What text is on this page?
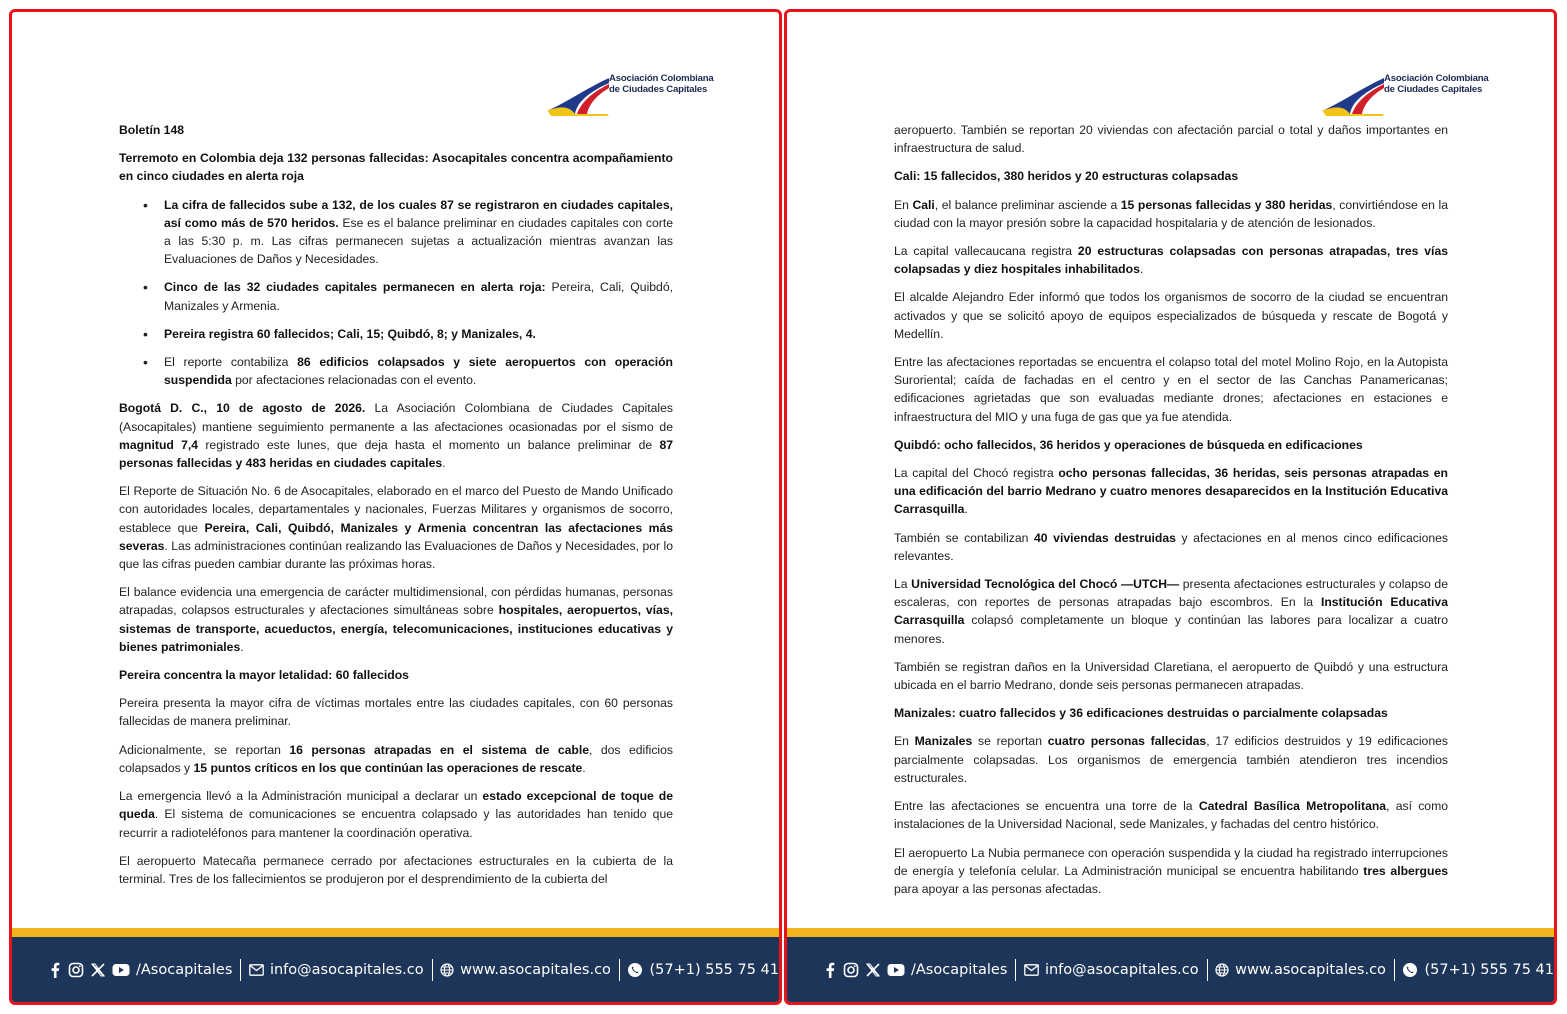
Asociación Colombiana
de Ciudades Capitales

Boletín 148

Terremoto en Colombia deja 132 personas fallecidas: Asocapitales concentra acompañamiento en cinco ciudades en alerta roja

• La cifra de fallecidos sube a 132, de los cuales 87 se registraron en ciudades capitales, así como más de 570 heridos. Ese es el balance preliminar en ciudades capitales con corte a las 5:30 p. m. Las cifras permanecen sujetas a actualización mientras avanzan las Evaluaciones de Daños y Necesidades.
• Cinco de las 32 ciudades capitales permanecen en alerta roja: Pereira, Cali, Quibdó, Manizales y Armenia.
• Pereira registra 60 fallecidos; Cali, 15; Quibdó, 8; y Manizales, 4.
• El reporte contabiliza 86 edificios colapsados y siete aeropuertos con operación suspendida por afectaciones relacionadas con el evento.

Bogotá D. C., 10 de agosto de 2026. La Asociación Colombiana de Ciudades Capitales (Asocapitales) mantiene seguimiento permanente a las afectaciones ocasionadas por el sismo de magnitud 7,4 registrado este lunes, que deja hasta el momento un balance preliminar de 87 personas fallecidas y 483 heridas en ciudades capitales.

El Reporte de Situación No. 6 de Asocapitales, elaborado en el marco del Puesto de Mando Unificado con autoridades locales, departamentales y nacionales, Fuerzas Militares y organismos de socorro, establece que Pereira, Cali, Quibdó, Manizales y Armenia concentran las afectaciones más severas. Las administraciones continúan realizando las Evaluaciones de Daños y Necesidades, por lo que las cifras pueden cambiar durante las próximas horas.

El balance evidencia una emergencia de carácter multidimensional, con pérdidas humanas, personas atrapadas, colapsos estructurales y afectaciones simultáneas sobre hospitales, aeropuertos, vías, sistemas de transporte, acueductos, energía, telecomunicaciones, instituciones educativas y bienes patrimoniales.

Pereira concentra la mayor letalidad: 60 fallecidos

Pereira presenta la mayor cifra de víctimas mortales entre las ciudades capitales, con 60 personas fallecidas de manera preliminar.

Adicionalmente, se reportan 16 personas atrapadas en el sistema de cable, dos edificios colapsados y 15 puntos críticos en los que continúan las operaciones de rescate.

La emergencia llevó a la Administración municipal a declarar un estado excepcional de toque de queda. El sistema de comunicaciones se encuentra colapsado y las autoridades han tenido que recurrir a radioteléfonos para mantener la coordinación operativa.

El aeropuerto Matecaña permanece cerrado por afectaciones estructurales en la cubierta de la terminal. Tres de los fallecimientos se produjeron por el desprendimiento de la cubierta del

/Asocapitales	info@asocapitales.co	www.asocapitales.co	(57+1) 555 75 41
Asociación Colombiana
de Ciudades Capitales

aeropuerto. También se reportan 20 viviendas con afectación parcial o total y daños importantes en infraestructura de salud.

Cali: 15 fallecidos, 380 heridos y 20 estructuras colapsadas

En Cali, el balance preliminar asciende a 15 personas fallecidas y 380 heridas, convirtiéndose en la ciudad con la mayor presión sobre la capacidad hospitalaria y de atención de lesionados.

La capital vallecaucana registra 20 estructuras colapsadas con personas atrapadas, tres vías colapsadas y diez hospitales inhabilitados.

El alcalde Alejandro Eder informó que todos los organismos de socorro de la ciudad se encuentran activados y que se solicitó apoyo de equipos especializados de búsqueda y rescate de Bogotá y Medellín.

Entre las afectaciones reportadas se encuentra el colapso total del motel Molino Rojo, en la Autopista Suroriental; caída de fachadas en el centro y en el sector de las Canchas Panamericanas; edificaciones agrietadas que son evaluadas mediante drones; afectaciones en estaciones e infraestructura del MIO y una fuga de gas que ya fue atendida.

Quibdó: ocho fallecidos, 36 heridos y operaciones de búsqueda en edificaciones

La capital del Chocó registra ocho personas fallecidas, 36 heridas, seis personas atrapadas en una edificación del barrio Medrano y cuatro menores desaparecidos en la Institución Educativa Carrasquilla.

También se contabilizan 40 viviendas destruidas y afectaciones en al menos cinco edificaciones relevantes.

La Universidad Tecnológica del Chocó —UTCH— presenta afectaciones estructurales y colapso de escaleras, con reportes de personas atrapadas bajo escombros. En la Institución Educativa Carrasquilla colapsó completamente un bloque y continúan las labores para localizar a cuatro menores.

También se registran daños en la Universidad Claretiana, el aeropuerto de Quibdó y una estructura ubicada en el barrio Medrano, donde seis personas permanecen atrapadas.

Manizales: cuatro fallecidos y 36 edificaciones destruidas o parcialmente colapsadas

En Manizales se reportan cuatro personas fallecidas, 17 edificios destruidos y 19 edificaciones parcialmente colapsadas. Los organismos de emergencia también atendieron tres incendios estructurales.

Entre las afectaciones se encuentra una torre de la Catedral Basílica Metropolitana, así como instalaciones de la Universidad Nacional, sede Manizales, y fachadas del centro histórico.

El aeropuerto La Nubia permanece con operación suspendida y la ciudad ha registrado interrupciones de energía y telefonía celular. La Administración municipal se encuentra habilitando tres albergues para apoyar a las personas afectadas.

/Asocapitales	info@asocapitales.co	www.asocapitales.co	(57+1) 555 75 41
